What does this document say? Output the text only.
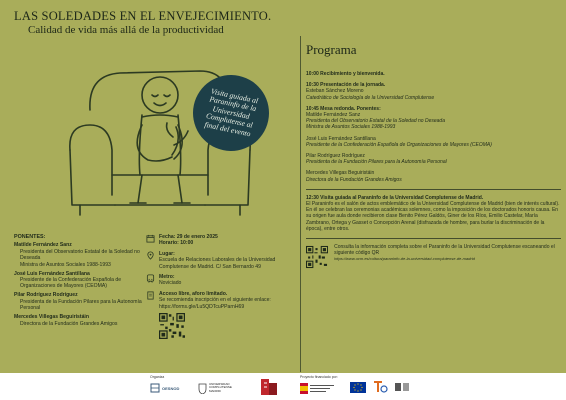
LAS SOLEDADES EN EL ENVEJECIMIENTO.
Calidad de vida más allá de la productividad
Visita guiada al Paraninfo de la Universidad Complutense al final del evento
PONENTES:
Matilde Fernández Sanz
Presidenta del Observatorio Estatal de la Soledad no Deseada
Ministra de Asuntos Sociales 1988-1993
José Luis Fernández Santillana
Presidente de la Confederación Española de Organizaciones de Mayores (CEOMA)
Pilar Rodríguez Rodríguez
Presidenta de la Fundación Pilares para la Autonomía Personal
Mercedes Villegas Beguiristáin
Directora de la Fundación Grandes Amigos
Fecha: 29 de enero 2025
Horario: 10:00
Lugar:
Escuela de Relaciones Laborales de la Universidad Complutense de Madrid. C/ San Bernardo 49
Metro:
Noviciado
Acceso libre, aforo limitado.
Se recomienda inscripción en el siguiente enlace:
https://forms.gle/Lu5QDTcuPParnH69
Programa
10:00 Recibimiento y bienvenida.
10:30 Presentación de la jornada.
Esteban Sánchez Moreno
Catedrático de Sociología de la Universidad Complutense
10:45 Mesa redonda. Ponentes:
Matilde Fernández Sanz
Presidenta del Observatorio Estatal de la Soledad no Deseada
Ministra de Asuntos Sociales 1988-1993
José Luis Fernández Santillana
Presidente de la Confederación Española de Organizaciones de Mayores (CEOMA)
Pilar Rodríguez Rodríguez
Presidenta de la Fundación Pilares para la Autonomía Personal
Mercedes Villegas Beguiristáin
Directora de la Fundación Grandes Amigos
12:30 Visita guiada al Paraninfo de la Universidad Complutense de Madrid.
El Paraninfo es el salón de actos emblemático de la Universidad Complutense de Madrid (bien de interés cultural). En él se celebran las ceremonias académicas solemnes, como la imposición de los doctorados honoris causa. En su origen fue aula donde recibieron clase Benito Pérez Galdós, Giner de los Ríos, Emilio Castelar, María Zambrano, Ortega y Gasset o Concepción Arenal (disfrazada de hombre, para burlar la discriminación de la época), entre otros.
Consulta la información completa sobre el Paraninfo de la Universidad Complutense escaneando el siguiente código QR
https://www.ucm.es/cultura/paraninfo-de-la-universidad-complutense-de-madrid
Organiza
OESNOD
UNIVERSIDAD COMPLUTENSE MADRID
Proyecto financiado por:
